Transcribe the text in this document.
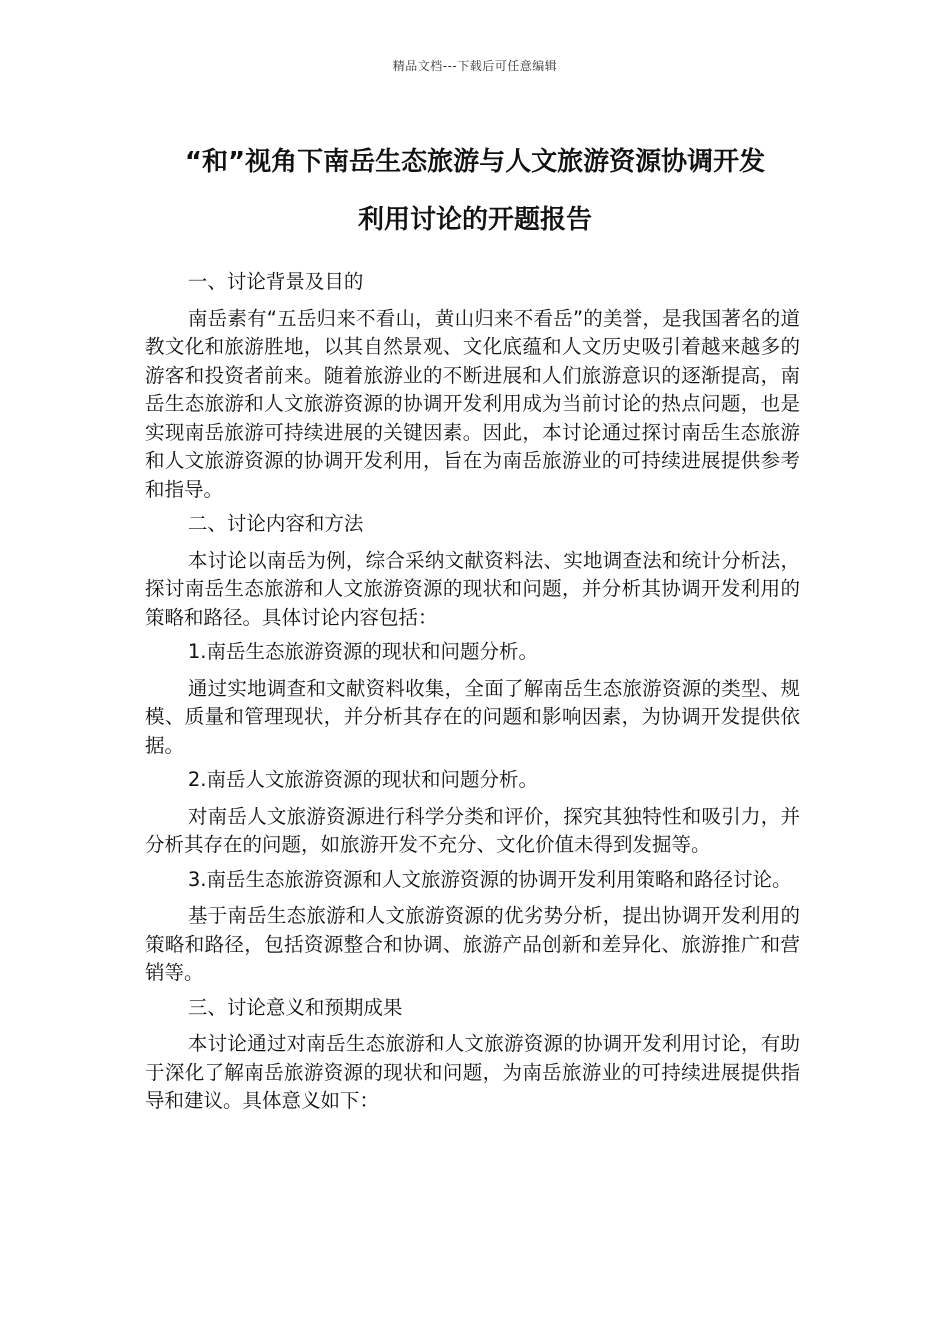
精品文档---下载后可任意编辑
“和”视角下南岳生态旅游与人文旅游资源协调开发
利用讨论的开题报告

一、讨论背景及目的

南岳素有“五岳归来不看山，黄山归来不看岳”的美誉，是我国著名的道教文化和旅游胜地，以其自然景观、文化底蕴和人文历史吸引着越来越多的游客和投资者前来。随着旅游业的不断进展和人们旅游意识的逐渐提高，南岳生态旅游和人文旅游资源的协调开发利用成为当前讨论的热点问题，也是实现南岳旅游可持续进展的关键因素。因此，本讨论通过探讨南岳生态旅游和人文旅游资源的协调开发利用，旨在为南岳旅游业的可持续进展提供参考和指导。

二、讨论内容和方法

本讨论以南岳为例，综合采纳文献资料法、实地调查法和统计分析法，探讨南岳生态旅游和人文旅游资源的现状和问题，并分析其协调开发利用的策略和路径。具体讨论内容包括：

1.南岳生态旅游资源的现状和问题分析。

通过实地调查和文献资料收集，全面了解南岳生态旅游资源的类型、规模、质量和管理现状，并分析其存在的问题和影响因素，为协调开发提供依据。

2.南岳人文旅游资源的现状和问题分析。

对南岳人文旅游资源进行科学分类和评价，探究其独特性和吸引力，并分析其存在的问题，如旅游开发不充分、文化价值未得到发掘等。

3.南岳生态旅游资源和人文旅游资源的协调开发利用策略和路径讨论。

基于南岳生态旅游和人文旅游资源的优劣势分析，提出协调开发利用的策略和路径，包括资源整合和协调、旅游产品创新和差异化、旅游推广和营销等。

三、讨论意义和预期成果

本讨论通过对南岳生态旅游和人文旅游资源的协调开发利用讨论，有助于深化了解南岳旅游资源的现状和问题，为南岳旅游业的可持续进展提供指导和建议。具体意义如下：
